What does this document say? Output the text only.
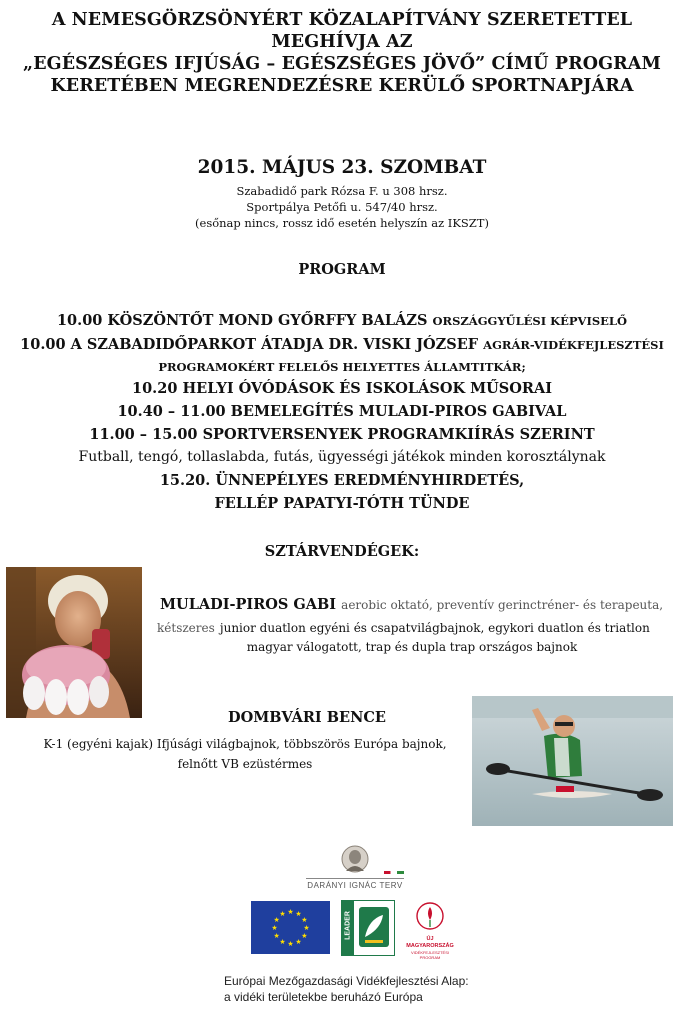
A NEMESGÖRZSÖNYÉRT KÖZALAPÍTVÁNY SZERETETTEL
MEGHÍVJA AZ
„EGÉSZSÉGES IFJÚSÁG – EGÉSZSÉGES JÖVŐ” CÍMŰ PROGRAM
KERETÉBEN MEGRENDEZÉSRE KERÜLŐ SPORTNAPJÁRA
2015. MÁJUS 23. SZOMBAT
Szabadidő park Rózsa F. u 308 hrsz.
Sportpálya Petőfi u. 547/40 hrsz.
(esőnap nincs, rossz idő esetén helyszín az IKSZT)
PROGRAM
10.00 KÖSZÖNTŐT MOND GYŐRFFY BALÁZS ORSZÁGGYŰLÉSI KÉPVISELŐ
10.00 A SZABADIDŐPARKOT ÁTADJA DR. VISKI JÓZSEF AGRÁR-VIDÉKFEJLESZTÉSI
PROGRAMOKÉRT FELELŐS HELYETTES ÁLLAMTITKÁR;
10.20 HELYI ÓVÓDÁSOK ÉS ISKOLÁSOK MŰSORAI
10.40 – 11.00 BEMELEGÍTÉS MULADI-PIROS GABIVAL
11.00 – 15.00 SPORTVERSENYEK PROGRAMKIÍRÁS SZERINT
Futball, tengó, tollaslabda, futás, ügyességi játékok minden korosztálynak
15.20. ÜNNEPÉLYES EREDMÉNYHIRDETÉS,
FELLÉP PAPATYI-TÓTH TÜNDE
SZTÁRVENDÉGEK:
MULADI-PIROS GABI aerobic oktató, preventív gerinctréner- és terapeuta,
kétszeres junior duatlon egyéni és csapatvilágbajnok, egykori duatlon és triatlon
magyar válogatott, trap és dupla trap országos bajnok
DOMBVÁRI BENCE
K-1 (egyéni kajak) Ifjúsági világbajnok, többszörös Európa bajnok,
felnőtt VB ezüstérmes
DARÁNYI IGNÁC TERV
★ ★
★
★
★
★
★
★
★
★
★
★	LEADER	ÚJ MAGYARORSZÁG
VIDÉKFEJLESZTÉSI PROGRAM
Európai Mezőgazdasági Vidékfejlesztési Alap:
a vidéki területekbe beruházó Európa
